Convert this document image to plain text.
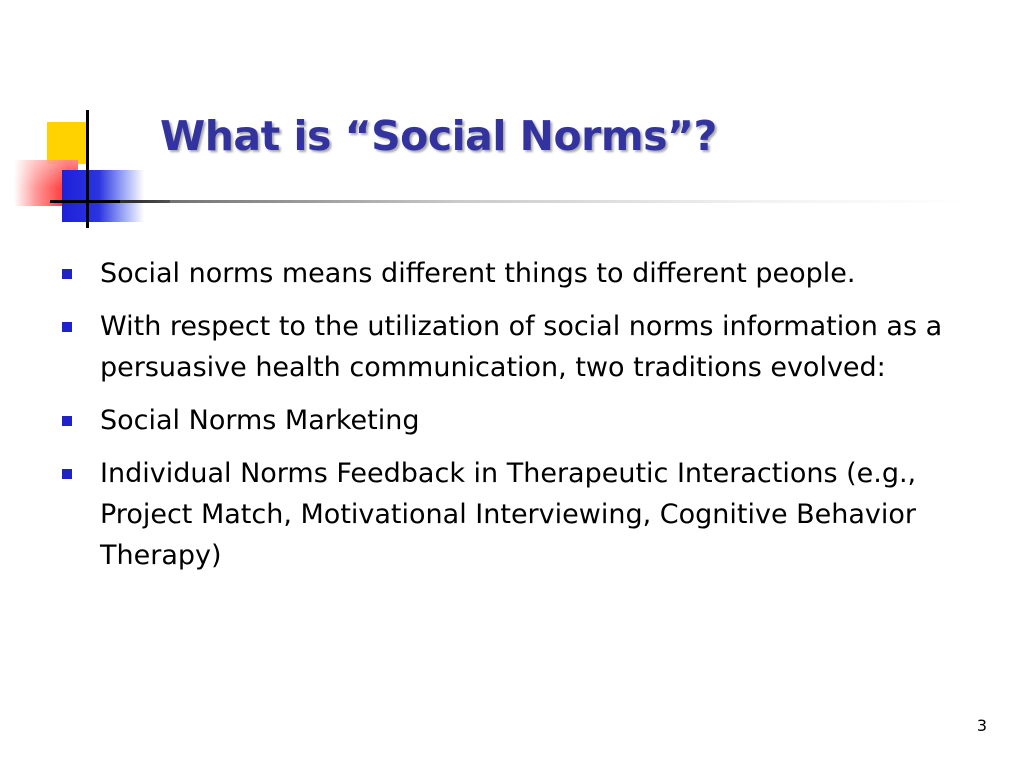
What is “Social Norms”?
Social norms means different things to different people.
With respect to the utilization of social norms information as a persuasive health communication, two traditions evolved:
Social Norms Marketing
Individual Norms Feedback in Therapeutic Interactions (e.g., Project Match, Motivational Interviewing, Cognitive Behavior Therapy)
3
